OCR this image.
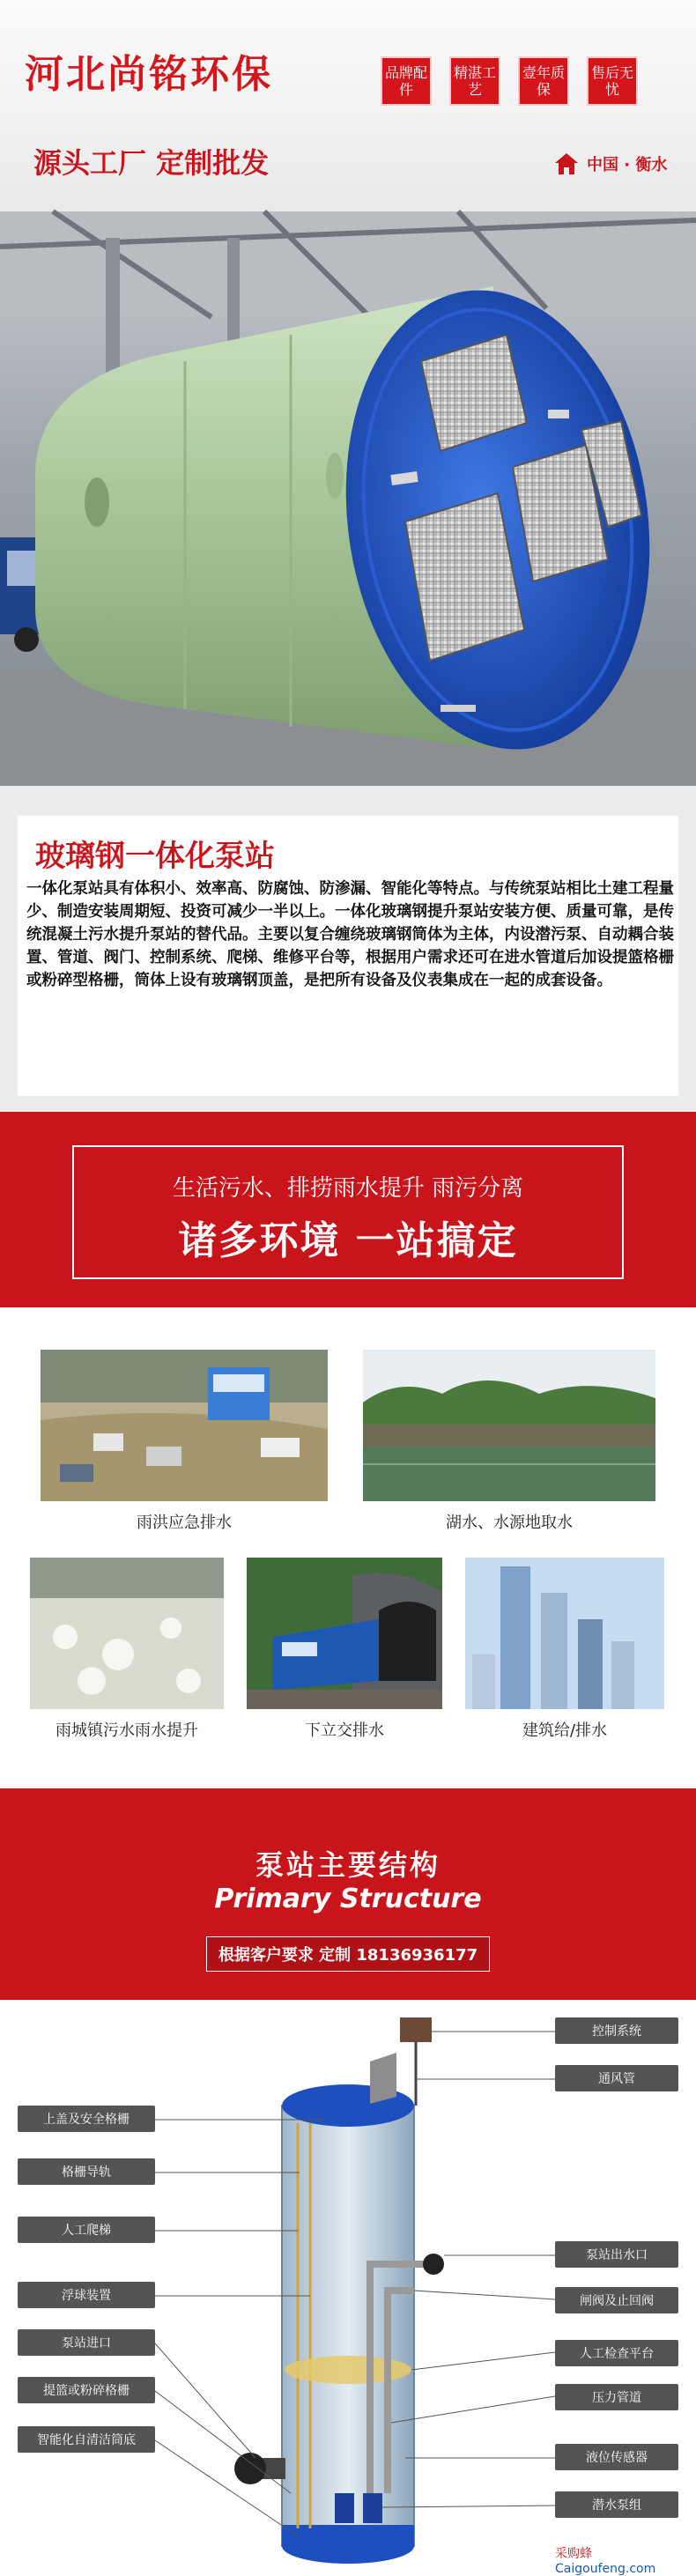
河北尚铭环保	品牌配件
精湛工艺
壹年质保
售后无忧
源头工厂 定制批发	中国 · 衡水
玻璃钢一体化泵站
一体化泵站具有体积小、效率高、防腐蚀、防渗漏、智能化等特点。与传统泵站相比土建工程量少、制造安装周期短、投资可减少一半以上。一体化玻璃钢提升泵站安装方便、质量可靠，是传统混凝土污水提升泵站的替代品。主要以复合缠绕玻璃钢筒体为主体，内设潜污泵、自动耦合装置、管道、阀门、控制系统、爬梯、维修平台等，根据用户需求还可在进水管道后加设提篮格栅或粉碎型格栅，筒体上设有玻璃钢顶盖，是把所有设备及仪表集成在一起的成套设备。
生活污水、排捞雨水提升 雨污分离
诸多环境 一站搞定
雨洪应急排水	湖水、水源地取水
雨城镇污水雨水提升	下立交排水	建筑给/排水
泵站主要结构
Primary Structure
根据客户要求 定制 18136936177
上盖及安全格栅
格栅导轨
人工爬梯
浮球装置
泵站进口
提篮或粉碎格栅
智能化自清洁筒底
控制系统
通风管
泵站出水口
闸阀及止回阀
人工检查平台
压力管道
液位传感器
潜水泵组
采购蜂 Caigoufeng.com
